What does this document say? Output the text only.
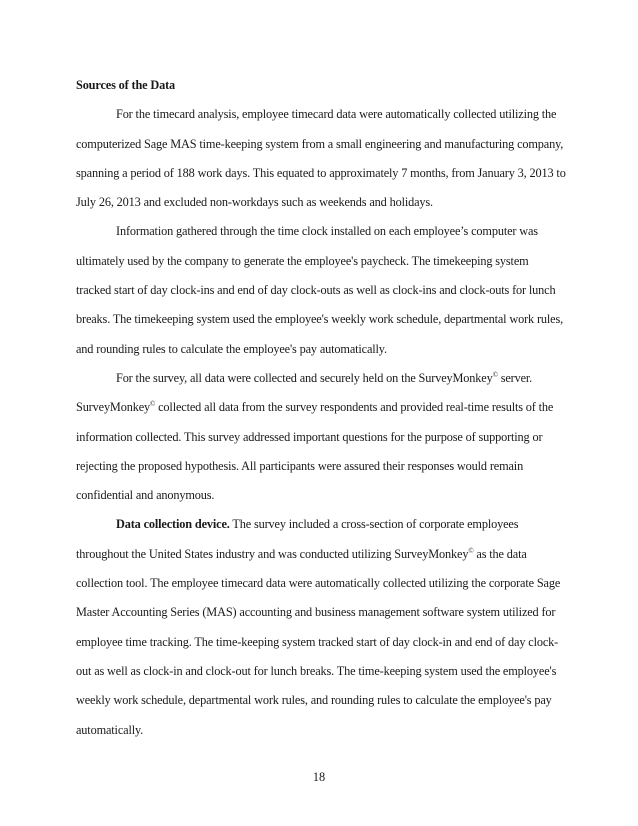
Sources of the Data

For the timecard analysis, employee timecard data were automatically collected utilizing the computerized Sage MAS time-keeping system from a small engineering and manufacturing company, spanning a period of 188 work days. This equated to approximately 7 months, from January 3, 2013 to July 26, 2013 and excluded non-workdays such as weekends and holidays.

Information gathered through the time clock installed on each employee’s computer was ultimately used by the company to generate the employee's paycheck. The timekeeping system tracked start of day clock-ins and end of day clock-outs as well as clock-ins and clock-outs for lunch breaks. The timekeeping system used the employee's weekly work schedule, departmental work rules, and rounding rules to calculate the employee's pay automatically.

For the survey, all data were collected and securely held on the SurveyMonkey© server. SurveyMonkey© collected all data from the survey respondents and provided real-time results of the information collected. This survey addressed important questions for the purpose of supporting or rejecting the proposed hypothesis. All participants were assured their responses would remain confidential and anonymous.

Data collection device. The survey included a cross-section of corporate employees throughout the United States industry and was conducted utilizing SurveyMonkey© as the data collection tool. The employee timecard data were automatically collected utilizing the corporate Sage Master Accounting Series (MAS) accounting and business management software system utilized for employee time tracking. The time-keeping system tracked start of day clock-in and end of day clock-out as well as clock-in and clock-out for lunch breaks. The time-keeping system used the employee's weekly work schedule, departmental work rules, and rounding rules to calculate the employee's pay automatically.

18
